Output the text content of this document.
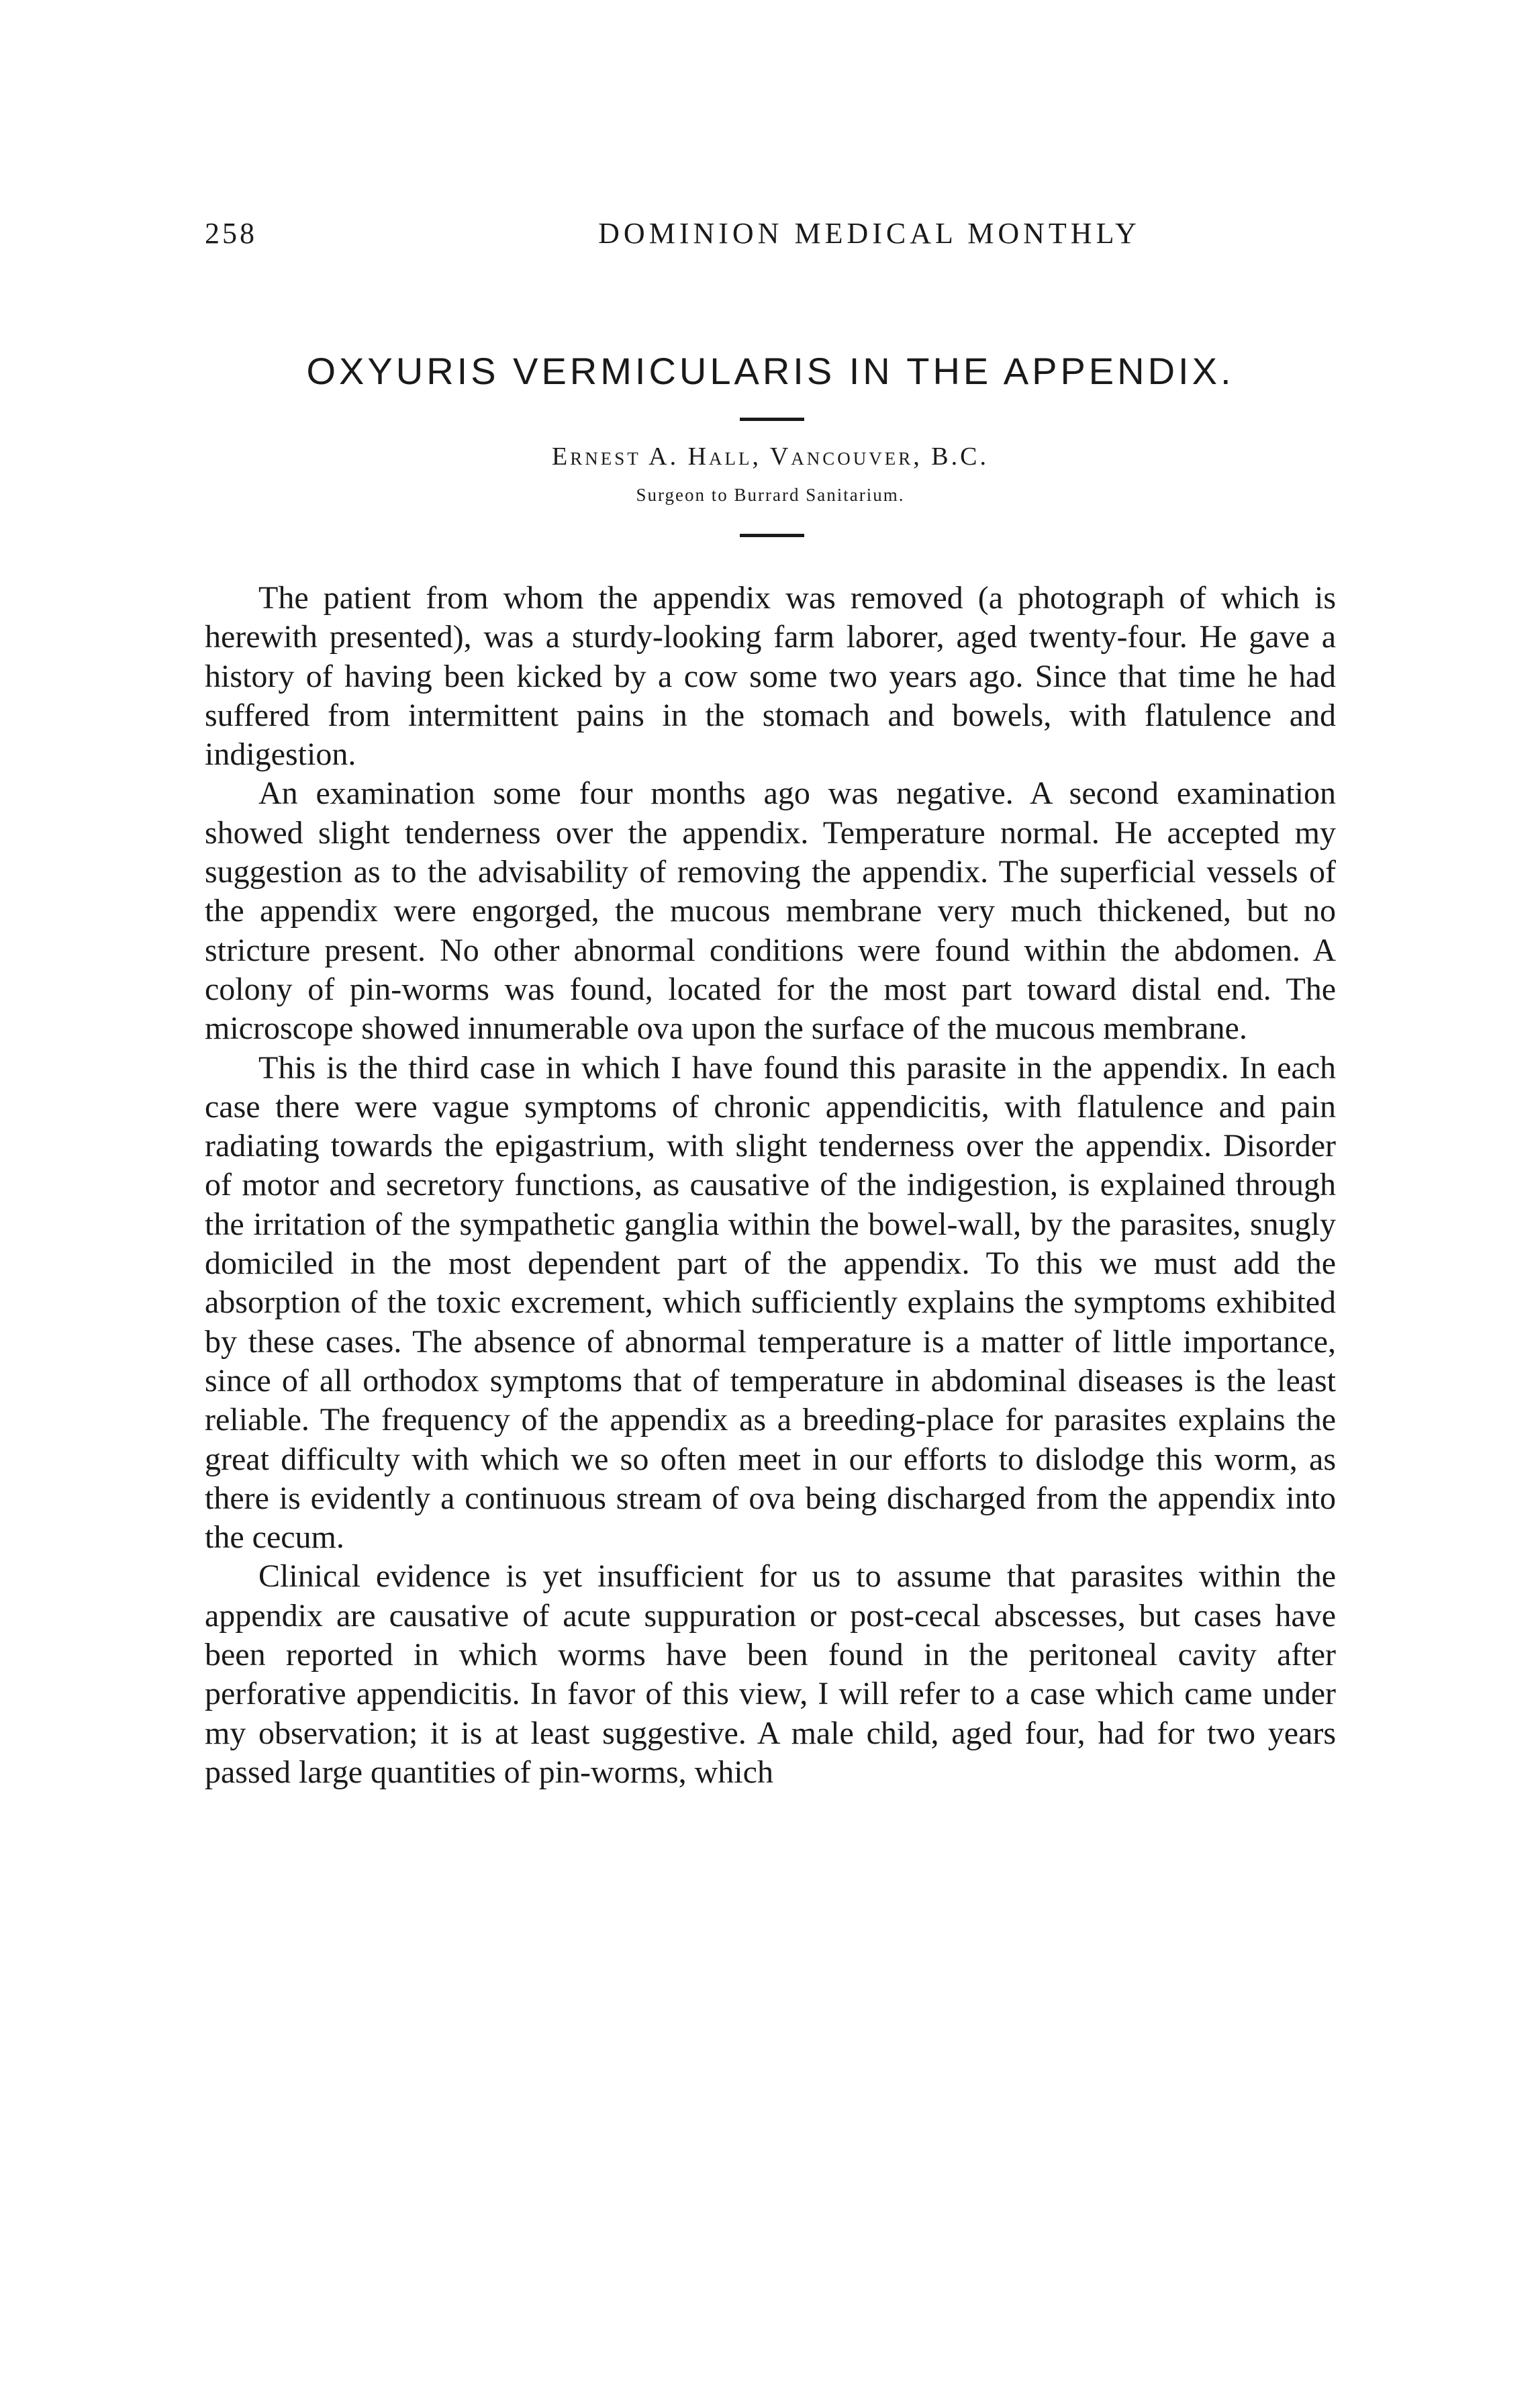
258	DOMINION MEDICAL MONTHLY
OXYURIS VERMICULARIS IN THE APPENDIX.
Ernest A. Hall, Vancouver, B.C.
Surgeon to Burrard Sanitarium.

The patient from whom the appendix was removed (a photograph of which is herewith presented), was a sturdy-looking farm laborer, aged twenty-four. He gave a history of having been kicked by a cow some two years ago. Since that time he had suffered from intermittent pains in the stomach and bowels, with flatulence and indigestion.

An examination some four months ago was negative. A second examination showed slight tenderness over the appendix. Temperature normal. He accepted my suggestion as to the advisability of removing the appendix. The superficial vessels of the appendix were engorged, the mucous membrane very much thickened, but no stricture present. No other abnormal conditions were found within the abdomen. A colony of pin-worms was found, located for the most part toward distal end. The microscope showed innumerable ova upon the surface of the mucous membrane.

This is the third case in which I have found this parasite in the appendix. In each case there were vague symptoms of chronic appendicitis, with flatulence and pain radiating towards the epigastrium, with slight tenderness over the appendix. Disorder of motor and secretory functions, as causative of the indigestion, is explained through the irritation of the sympathetic ganglia within the bowel-wall, by the parasites, snugly domiciled in the most dependent part of the appendix. To this we must add the absorption of the toxic excrement, which sufficiently explains the symptoms exhibited by these cases. The absence of abnormal temperature is a matter of little importance, since of all orthodox symptoms that of temperature in abdominal diseases is the least reliable. The frequency of the appendix as a breeding-place for parasites explains the great difficulty with which we so often meet in our efforts to dislodge this worm, as there is evidently a continuous stream of ova being discharged from the appendix into the cecum.

Clinical evidence is yet insufficient for us to assume that parasites within the appendix are causative of acute suppuration or post-cecal abscesses, but cases have been reported in which worms have been found in the peritoneal cavity after perforative appendicitis. In favor of this view, I will refer to a case which came under my observation; it is at least suggestive. A male child, aged four, had for two years passed large quantities of pin-worms, which
